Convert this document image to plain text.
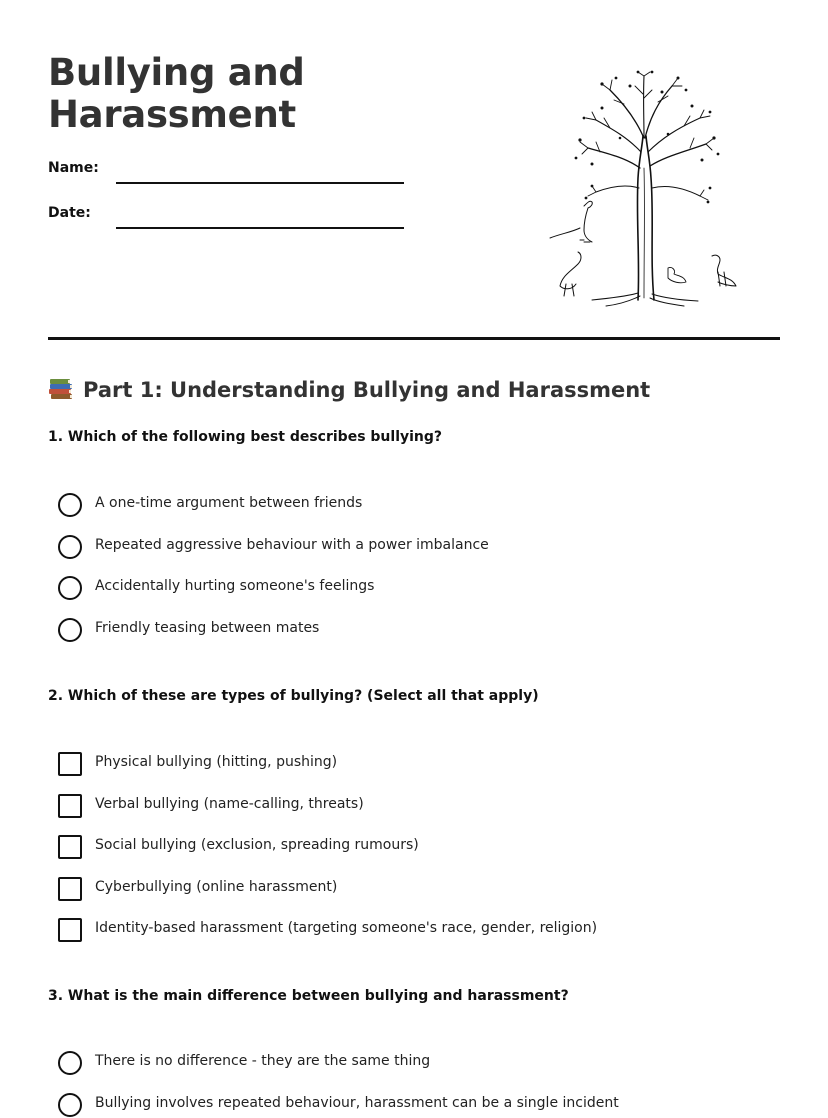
Bullying and Harassment
Name:
Date:
Part 1: Understanding Bullying and Harassment
1. Which of the following best describes bullying?
A one-time argument between friends
Repeated aggressive behaviour with a power imbalance
Accidentally hurting someone's feelings
Friendly teasing between mates
2. Which of these are types of bullying? (Select all that apply)
Physical bullying (hitting, pushing)
Verbal bullying (name-calling, threats)
Social bullying (exclusion, spreading rumours)
Cyberbullying (online harassment)
Identity-based harassment (targeting someone's race, gender, religion)
3. What is the main difference between bullying and harassment?
There is no difference - they are the same thing
Bullying involves repeated behaviour, harassment can be a single incident
